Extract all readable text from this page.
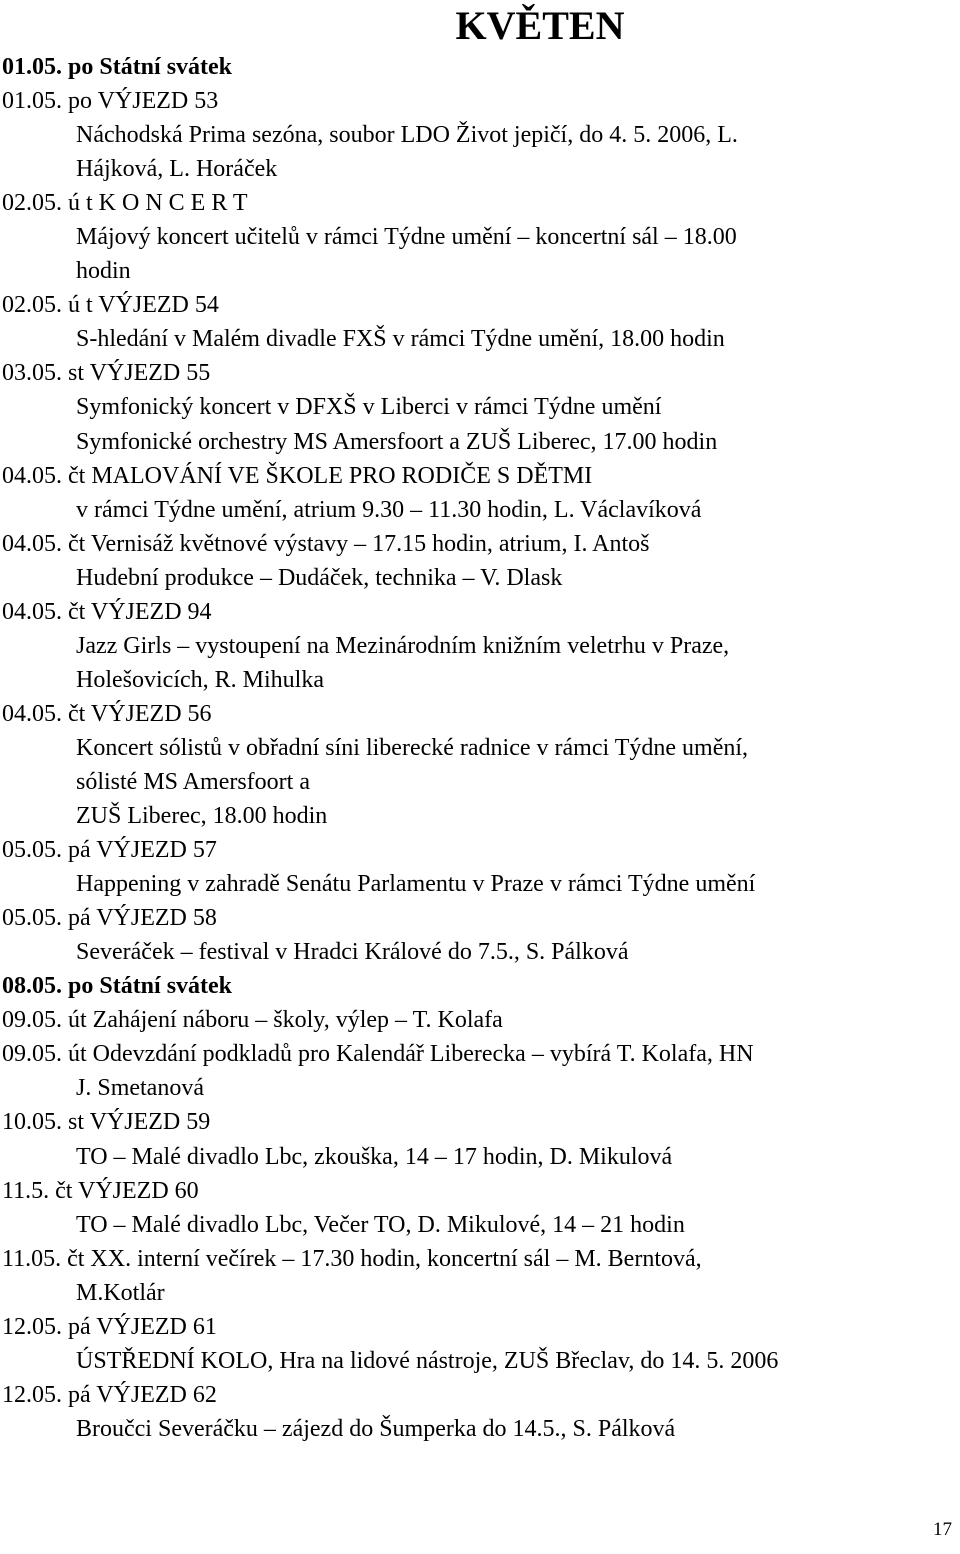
KVĚTEN
01.05. po Státní svátek
01.05. po VÝJEZD 53
Náchodská Prima sezóna, soubor LDO Život jepičí, do 4. 5. 2006, L.
Hájková, L. Horáček
02.05. ú t K O N C E R T
Májový koncert učitelů v rámci Týdne umění – koncertní sál – 18.00
hodin
02.05. ú t VÝJEZD 54
S-hledání v Malém divadle FXŠ v rámci Týdne umění, 18.00 hodin
03.05. st VÝJEZD 55
Symfonický koncert v DFXŠ v Liberci v rámci Týdne umění
Symfonické orchestry MS Amersfoort a ZUŠ Liberec, 17.00 hodin
04.05. čt MALOVÁNÍ VE ŠKOLE PRO RODIČE S DĚTMI
v rámci Týdne umění, atrium 9.30 – 11.30 hodin, L. Václavíková
04.05. čt Vernisáž květnové výstavy – 17.15 hodin, atrium, I. Antoš
Hudební produkce – Dudáček, technika – V. Dlask
04.05. čt VÝJEZD 94
Jazz Girls – vystoupení na Mezinárodním knižním veletrhu v Praze,
Holešovicích, R. Mihulka
04.05. čt VÝJEZD 56
Koncert sólistů v obřadní síni liberecké radnice v rámci Týdne umění,
sólisté MS Amersfoort a
ZUŠ Liberec, 18.00 hodin
05.05. pá VÝJEZD 57
Happening v zahradě Senátu Parlamentu v Praze v rámci Týdne umění
05.05. pá VÝJEZD 58
Severáček – festival v Hradci Králové do 7.5., S. Pálková
08.05. po Státní svátek
09.05. út Zahájení náboru – školy, výlep – T. Kolafa
09.05. út Odevzdání podkladů pro Kalendář Liberecka – vybírá T. Kolafa, HN
J. Smetanová
10.05. st VÝJEZD 59
TO – Malé divadlo Lbc, zkouška, 14 – 17 hodin, D. Mikulová
11.5. čt VÝJEZD 60
TO – Malé divadlo Lbc, Večer TO, D. Mikulové, 14 – 21 hodin
11.05. čt XX. interní večírek – 17.30 hodin, koncertní sál – M. Berntová,
M.Kotlár
12.05. pá VÝJEZD 61
ÚSTŘEDNÍ KOLO, Hra na lidové nástroje, ZUŠ Břeclav, do 14. 5. 2006
12.05. pá VÝJEZD 62
Broučci Severáčku – zájezd do Šumperka do 14.5., S. Pálková
17
